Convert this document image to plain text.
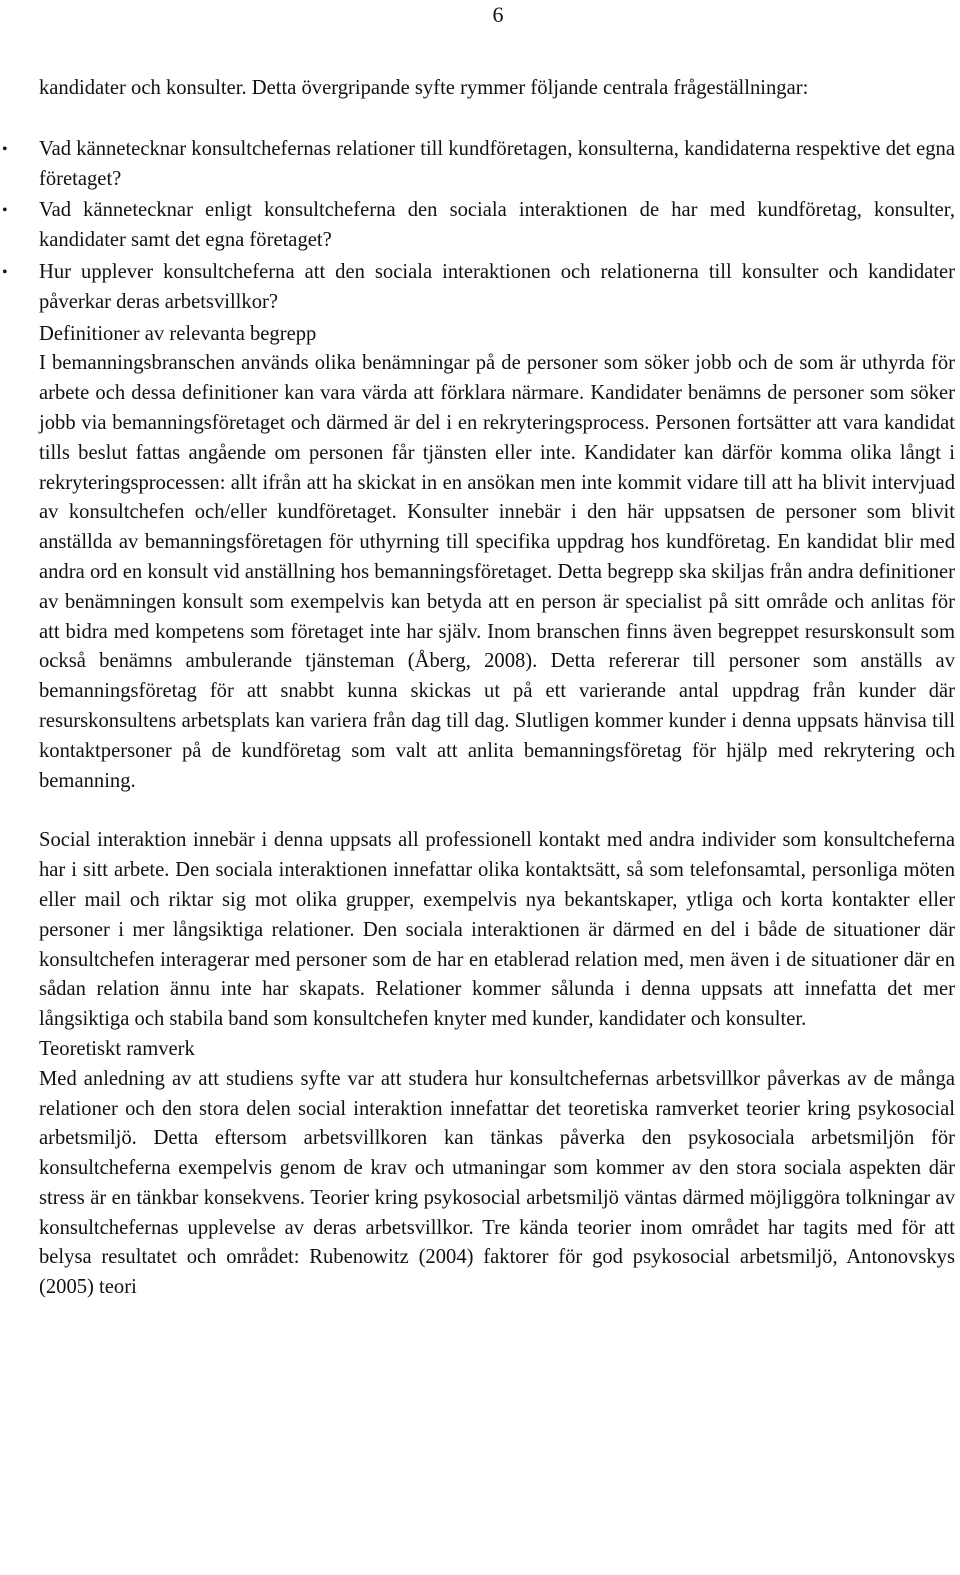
6

kandidater och konsulter. Detta övergripande syfte rymmer följande centrala frågeställningar:

• Vad kännetecknar konsultchefernas relationer till kundföretagen, konsulterna, kandidaterna respektive det egna företaget?
• Vad kännetecknar enligt konsultcheferna den sociala interaktionen de har med kundföretag, konsulter, kandidater samt det egna företaget?
• Hur upplever konsultcheferna att den sociala interaktionen och relationerna till konsulter och kandidater påverkar deras arbetsvillkor?

Definitioner av relevanta begrepp

I bemanningsbranschen används olika benämningar på de personer som söker jobb och de som är uthyrda för arbete och dessa definitioner kan vara värda att förklara närmare. Kandidater benämns de personer som söker jobb via bemanningsföretaget och därmed är del i en rekryteringsprocess. Personen fortsätter att vara kandidat tills beslut fattas angående om personen får tjänsten eller inte. Kandidater kan därför komma olika långt i rekryteringsprocessen: allt ifrån att ha skickat in en ansökan men inte kommit vidare till att ha blivit intervjuad av konsultchefen och/eller kundföretaget. Konsulter innebär i den här uppsatsen de personer som blivit anställda av bemanningsföretagen för uthyrning till specifika uppdrag hos kundföretag. En kandidat blir med andra ord en konsult vid anställning hos bemanningsföretaget. Detta begrepp ska skiljas från andra definitioner av benämningen konsult som exempelvis kan betyda att en person är specialist på sitt område och anlitas för att bidra med kompetens som företaget inte har själv. Inom branschen finns även begreppet resurskonsult som också benämns ambulerande tjänsteman (Åberg, 2008). Detta refererar till personer som anställs av bemanningsföretag för att snabbt kunna skickas ut på ett varierande antal uppdrag från kunder där resurskonsultens arbetsplats kan variera från dag till dag. Slutligen kommer kunder i denna uppsats hänvisa till kontaktpersoner på de kundföretag som valt att anlita bemanningsföretag för hjälp med rekrytering och bemanning.

Social interaktion innebär i denna uppsats all professionell kontakt med andra individer som konsultcheferna har i sitt arbete. Den sociala interaktionen innefattar olika kontaktsätt, så som telefonsamtal, personliga möten eller mail och riktar sig mot olika grupper, exempelvis nya bekantskaper, ytliga och korta kontakter eller personer i mer långsiktiga relationer. Den sociala interaktionen är därmed en del i både de situationer där konsultchefen interagerar med personer som de har en etablerad relation med, men även i de situationer där en sådan relation ännu inte har skapats. Relationer kommer sålunda i denna uppsats att innefatta det mer långsiktiga och stabila band som konsultchefen knyter med kunder, kandidater och konsulter.

Teoretiskt ramverk

Med anledning av att studiens syfte var att studera hur konsultchefernas arbetsvillkor påverkas av de många relationer och den stora delen social interaktion innefattar det teoretiska ramverket teorier kring psykosocial arbetsmiljö. Detta eftersom arbetsvillkoren kan tänkas påverka den psykosociala arbetsmiljön för konsultcheferna exempelvis genom de krav och utmaningar som kommer av den stora sociala aspekten där stress är en tänkbar konsekvens. Teorier kring psykosocial arbetsmiljö väntas därmed möjliggöra tolkningar av konsultchefernas upplevelse av deras arbetsvillkor. Tre kända teorier inom området har tagits med för att belysa resultatet och området: Rubenowitz (2004) faktorer för god psykosocial arbetsmiljö, Antonovskys (2005) teori
